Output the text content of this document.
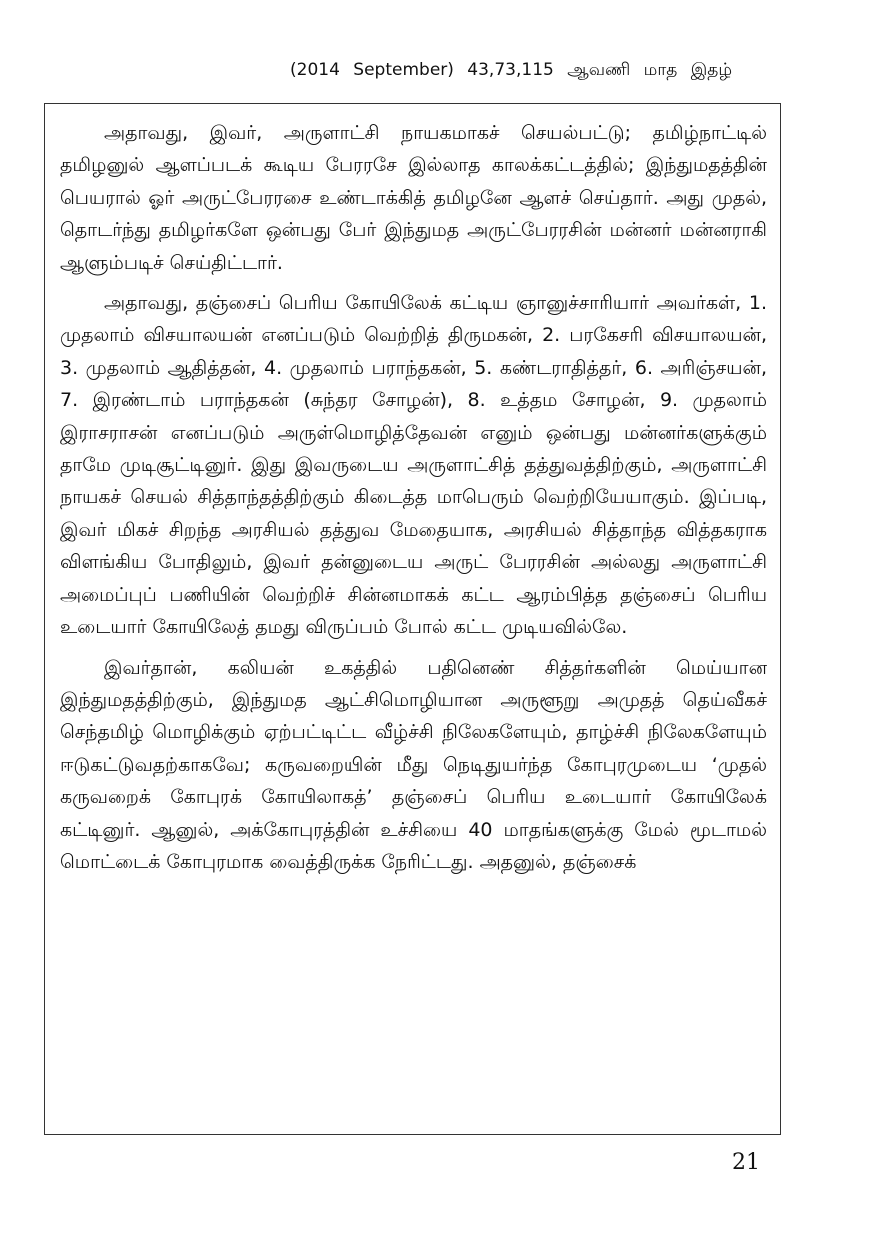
(2014 September) 43,73,115 ஆவணி மாத இதழ்

அதாவது, இவர், அருளாட்சி நாயகமாகச் செயல்பட்டு; தமிழ்நாட்டில் தமிழனுல் ஆளப்படக் கூடிய பேரரசே இல்லாத காலக்கட்டத்தில்; இந்துமதத்தின் பெயரால் ஓர் அருட்பேரரசை உண்டாக்கித் தமிழனே ஆளச் செய்தார். அது முதல், தொடர்ந்து தமிழர்களே ஒன்பது பேர் இந்துமத அருட்பேரரசின் மன்னர் மன்னராகி ஆளும்படிச் செய்திட்டார்.

அதாவது, தஞ்சைப் பெரிய கோயிலேக் கட்டிய ஞானுச்சாரியார் அவர்கள், 1. முதலாம் விசயாலயன் எனப்படும் வெற்றித் திருமகன், 2. பரகேசரி விசயாலயன், 3. முதலாம் ஆதித்தன், 4. முதலாம் பராந்தகன், 5. கண்டராதித்தர், 6. அரிஞ்சயன், 7. இரண்டாம் பராந்தகன் (சுந்தர சோழன்), 8. உத்தம சோழன், 9. முதலாம் இராசராசன் எனப்படும் அருள்மொழித்தேவன் எனும் ஒன்பது மன்னர்களுக்கும் தாமே முடிசூட்டினுர். இது இவருடைய அருளாட்சித் தத்துவத்திற்கும், அருளாட்சி நாயகச் செயல் சித்தாந்தத்திற்கும் கிடைத்த மாபெரும் வெற்றியேயாகும். இப்படி, இவர் மிகச் சிறந்த அரசியல் தத்துவ மேதையாக, அரசியல் சித்தாந்த வித்தகராக விளங்கிய போதிலும், இவர் தன்னுடைய அருட் பேரரசின் அல்லது அருளாட்சி அமைப்புப் பணியின் வெற்றிச் சின்னமாகக் கட்ட ஆரம்பித்த தஞ்சைப் பெரிய உடையார் கோயிலேத் தமது விருப்பம் போல் கட்ட முடியவில்லே.

இவர்தான், கலியன் உகத்தில் பதினெண் சித்தர்களின் மெய்யான இந்துமதத்திற்கும், இந்துமத ஆட்சிமொழியான அருளூறு அமுதத் தெய்வீகச் செந்தமிழ் மொழிக்கும் ஏற்பட்டிட்ட வீழ்ச்சி நிலேகளேயும், தாழ்ச்சி நிலேகளேயும் ஈடுகட்டுவதற்காகவே; கருவறையின் மீது நெடிதுயர்ந்த கோபுரமுடைய ‘முதல் கருவறைக் கோபுரக் கோயிலாகத்’ தஞ்சைப் பெரிய உடையார் கோயிலேக் கட்டினுர். ஆனுல், அக்கோபுரத்தின் உச்சியை 40 மாதங்களுக்கு மேல் மூடாமல் மொட்டைக் கோபுரமாக வைத்திருக்க நேரிட்டது. அதனுல், தஞ்சைக்

21
